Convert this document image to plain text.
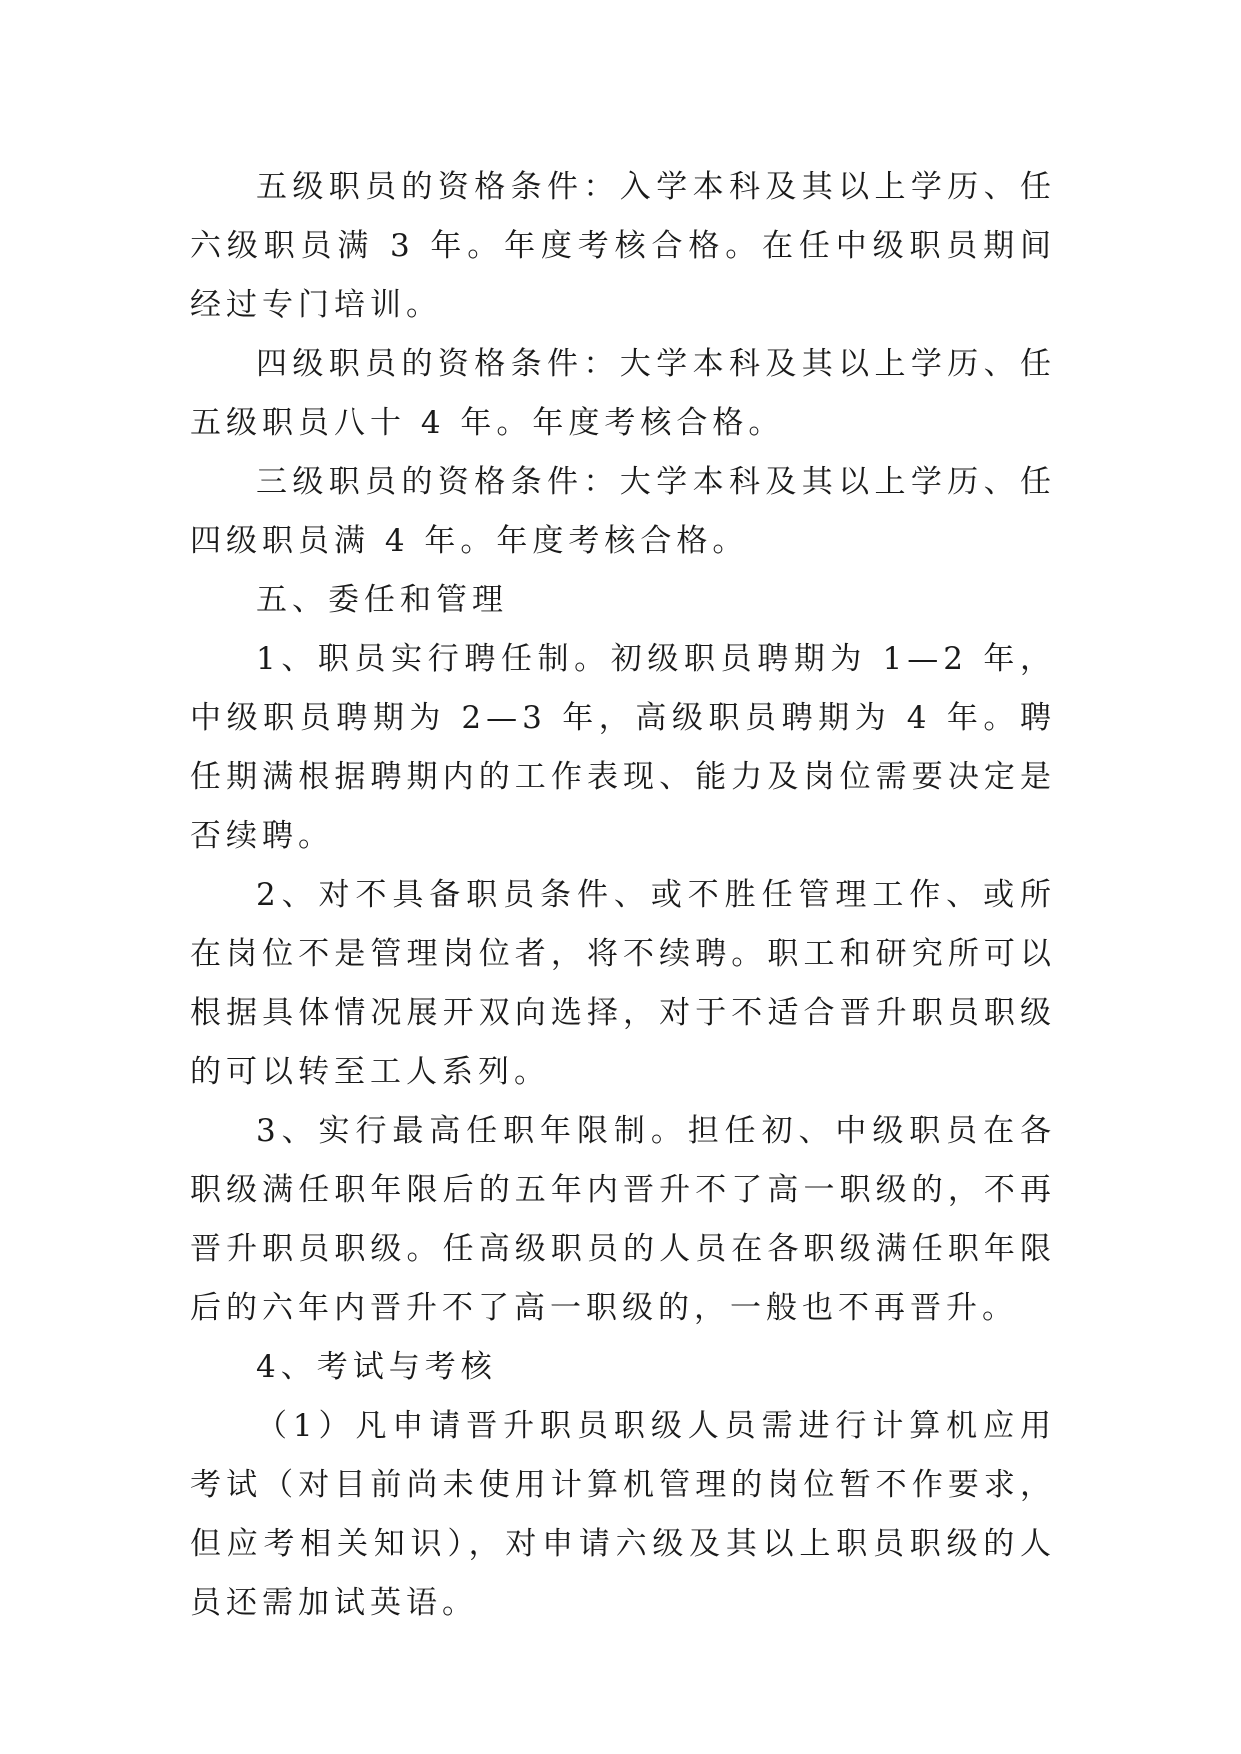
五级职员的资格条件：入学本科及其以上学历、任六级职员满 3 年。年度考核合格。在任中级职员期间经过专门培训。

四级职员的资格条件：大学本科及其以上学历、任五级职员八十 4 年。年度考核合格。

三级职员的资格条件：大学本科及其以上学历、任四级职员满 4 年。年度考核合格。

五、委任和管理

1、职员实行聘任制。初级职员聘期为 1—2 年，中级职员聘期为 2—3 年，高级职员聘期为 4 年。聘任期满根据聘期内的工作表现、能力及岗位需要决定是否续聘。

2、对不具备职员条件、或不胜任管理工作、或所在岗位不是管理岗位者，将不续聘。职工和研究所可以根据具体情况展开双向选择，对于不适合晋升职员职级的可以转至工人系列。

3、实行最高任职年限制。担任初、中级职员在各职级满任职年限后的五年内晋升不了高一职级的，不再晋升职员职级。任高级职员的人员在各职级满任职年限后的六年内晋升不了高一职级的，一般也不再晋升。

4、考试与考核

（1）凡申请晋升职员职级人员需进行计算机应用考试（对目前尚未使用计算机管理的岗位暂不作要求，但应考相关知识），对申请六级及其以上职员职级的人员还需加试英语。
